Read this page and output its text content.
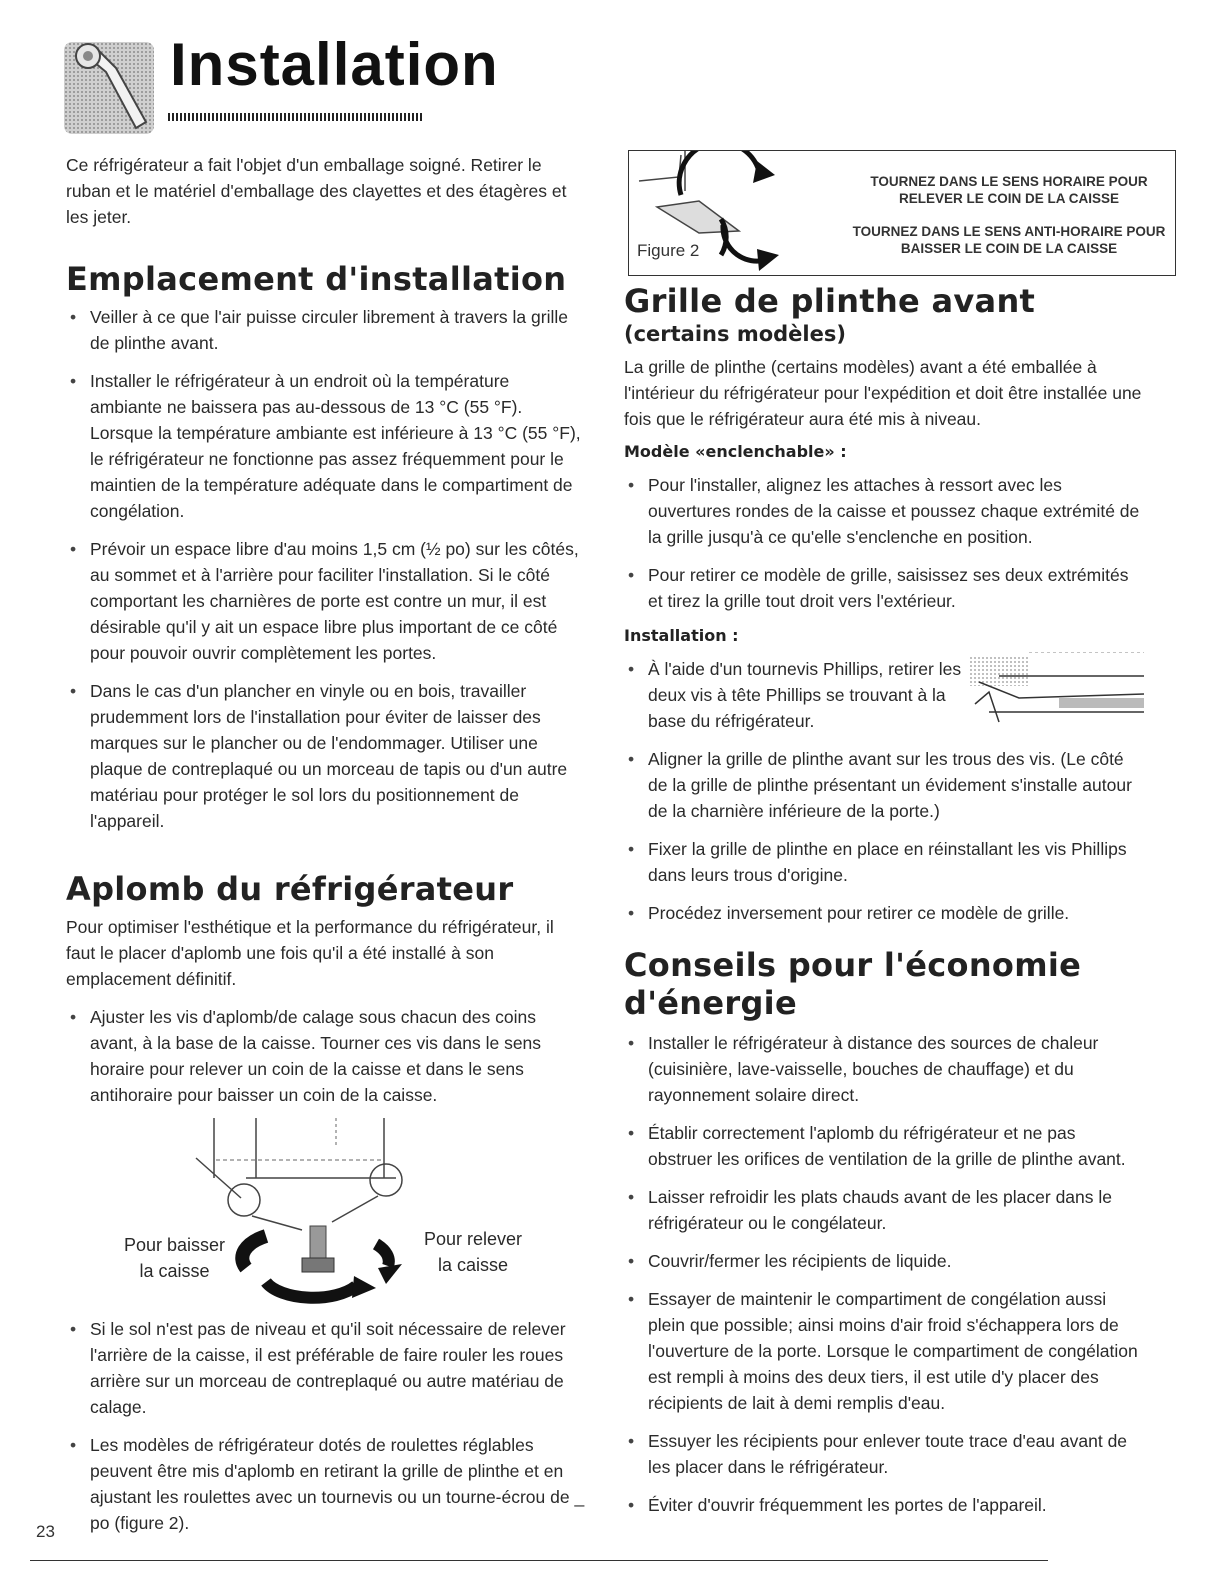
Installation

Ce réfrigérateur a fait l'objet d'un emballage soigné. Retirer le ruban et le matériel d'emballage des clayettes et des étagères et les jeter.

Emplacement d'installation
• Veiller à ce que l'air puisse circuler librement à travers la grille de plinthe avant.
• Installer le réfrigérateur à un endroit où la température ambiante ne baissera pas au-dessous de 13 °C (55 °F). Lorsque la température ambiante est inférieure à 13 °C (55 °F), le réfrigérateur ne fonctionne pas assez fréquemment pour le maintien de la température adéquate dans le compartiment de congélation.
• Prévoir un espace libre d'au moins 1,5 cm (½ po) sur les côtés, au sommet et à l'arrière pour faciliter l'installation. Si le côté comportant les charnières de porte est contre un mur, il est désirable qu'il y ait un espace libre plus important de ce côté pour pouvoir ouvrir complètement les portes.
• Dans le cas d'un plancher en vinyle ou en bois, travailler prudemment lors de l'installation pour éviter de laisser des marques sur le plancher ou de l'endommager. Utiliser une plaque de contreplaqué ou un morceau de tapis ou d'un autre matériau pour protéger le sol lors du positionnement de l'appareil.
Aplomb du réfrigérateur

Pour optimiser l'esthétique et la performance du réfrigérateur, il faut le placer d'aplomb une fois qu'il a été installé à son emplacement définitif.

• Ajuster les vis d'aplomb/de calage sous chacun des coins avant, à la base de la caisse. Tourner ces vis dans le sens horaire pour relever un coin de la caisse et dans le sens antihoraire pour baisser un coin de la caisse.
Pour baisser
la caisse
Pour relever
la caisse
• Si le sol n'est pas de niveau et qu'il soit nécessaire de relever l'arrière de la caisse, il est préférable de faire rouler les roues arrière sur un morceau de contreplaqué ou autre matériau de calage.
• Les modèles de réfrigérateur dotés de roulettes réglables peuvent être mis d'aplomb en retirant la grille de plinthe et en ajustant les roulettes avec un tournevis ou un tourne-écrou de _ po (figure 2).
TOURNEZ DANS LE SENS HORAIRE POUR
RELEVER LE COIN DE LA CAISSE
TOURNEZ DANS LE SENS ANTI-HORAIRE POUR
BAISSER LE COIN DE LA CAISSE
Figure 2
Grille de plinthe avant
(certains modèles)

La grille de plinthe (certains modèles) avant a été emballée à l'intérieur du réfrigérateur pour l'expédition et doit être installée une fois que le réfrigérateur aura été mis à niveau.

Modèle «enclenchable» :
• Pour l'installer, alignez les attaches à ressort avec les ouvertures rondes de la caisse et poussez chaque extrémité de la grille jusqu'à ce qu'elle s'enclenche en position.
• Pour retirer ce modèle de grille, saisissez ses deux extrémités et tirez la grille tout droit vers l'extérieur.
Installation :
• À l'aide d'un tournevis Phillips, retirer les deux vis à tête Phillips se trouvant à la base du réfrigérateur.
• Aligner la grille de plinthe avant sur les trous des vis. (Le côté de la grille de plinthe présentant un évidement s'installe autour de la charnière inférieure de la porte.)
• Fixer la grille de plinthe en place en réinstallant les vis Phillips dans leurs trous d'origine.
• Procédez inversement pour retirer ce modèle de grille.
Conseils pour l'économie d'énergie
• Installer le réfrigérateur à distance des sources de chaleur (cuisinière, lave-vaisselle, bouches de chauffage) et du rayonnement solaire direct.
• Établir correctement l'aplomb du réfrigérateur et ne pas obstruer les orifices de ventilation de la grille de plinthe avant.
• Laisser refroidir les plats chauds avant de les placer dans le réfrigérateur ou le congélateur.
• Couvrir/fermer les récipients de liquide.
• Essayer de maintenir le compartiment de congélation aussi plein que possible; ainsi moins d'air froid s'échappera lors de l'ouverture de la porte. Lorsque le compartiment de congélation est rempli à moins des deux tiers, il est utile d'y placer des récipients de lait à demi remplis d'eau.
• Essuyer les récipients pour enlever toute trace d'eau avant de les placer dans le réfrigérateur.
• Éviter d'ouvrir fréquemment les portes de l'appareil.
23
